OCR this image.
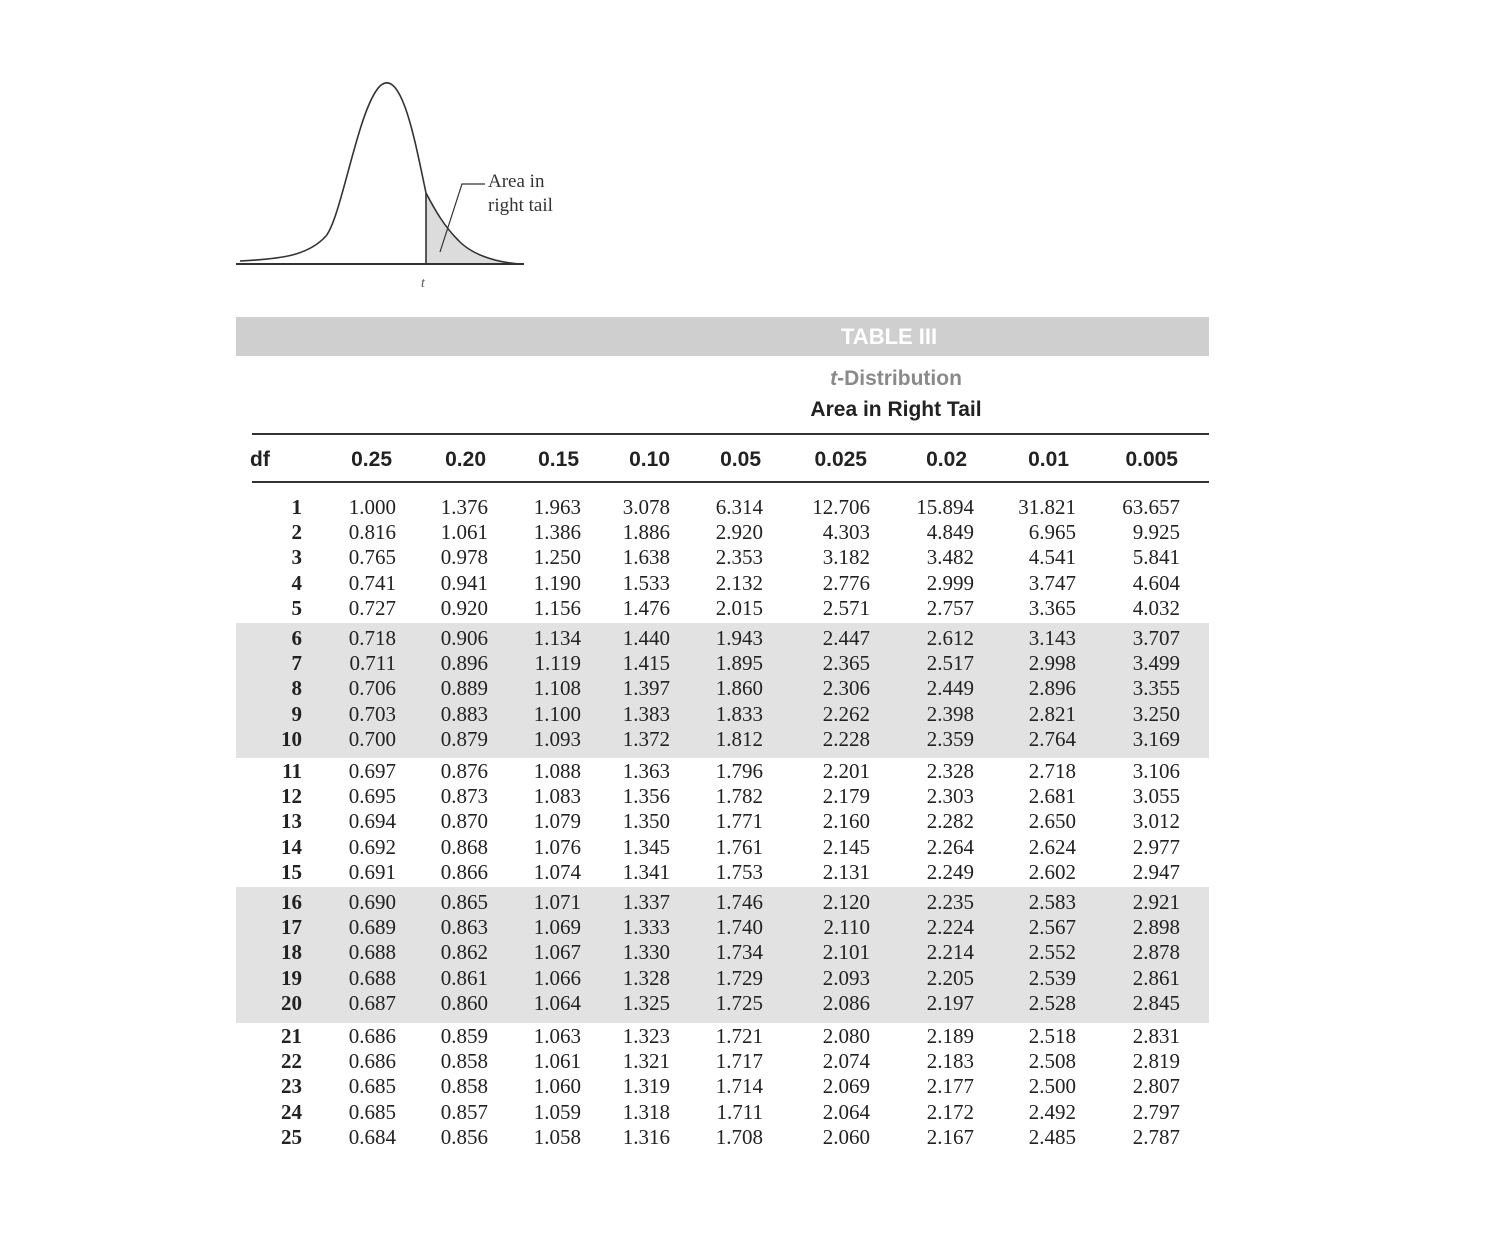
Area in
right tail
t
TABLE III
t-Distribution
Area in Right Tail
df	0.25	0.20 0.15 0.10 0.05	0.025	0.02	0.01	0.005
1 1.000 1.376 1.963 3.078 6.314 12.706 15.894 31.821 63.657
2 0.816 1.061 1.386 1.886 2.920	4.303	4.849	6.965	9.925
3 0.765 0.978 1.250 1.638 2.353	3.182	3.482	4.541	5.841
4 0.741 0.941 1.190 1.533 2.132	2.776	2.999	3.747	4.604
5 0.727 0.920 1.156 1.476 2.015	2.571	2.757	3.365	4.032
6 0.718 0.906 1.134 1.440 1.943	2.447	2.612	3.143	3.707
7 0.711 0.896 1.119 1.415 1.895	2.365	2.517	2.998	3.499
8 0.706 0.889 1.108 1.397 1.860	2.306	2.449	2.896	3.355
9 0.703 0.883 1.100 1.383 1.833	2.262	2.398	2.821	3.250
10 0.700 0.879 1.093 1.372 1.812	2.228	2.359	2.764	3.169
11 0.697 0.876 1.088 1.363 1.796	2.201	2.328	2.718	3.106
12 0.695 0.873 1.083 1.356 1.782	2.179	2.303	2.681	3.055
13 0.694 0.870 1.079 1.350 1.771	2.160	2.282	2.650	3.012
14 0.692 0.868 1.076 1.345 1.761	2.145	2.264	2.624	2.977
15 0.691 0.866 1.074 1.341 1.753	2.131	2.249	2.602	2.947
16 0.690 0.865 1.071 1.337 1.746	2.120	2.235	2.583	2.921
17 0.689 0.863 1.069 1.333 1.740	2.110	2.224	2.567	2.898
18 0.688 0.862 1.067 1.330 1.734	2.101	2.214	2.552	2.878
19 0.688 0.861 1.066 1.328 1.729	2.093	2.205	2.539	2.861
20 0.687 0.860 1.064 1.325 1.725	2.086	2.197	2.528	2.845
21 0.686 0.859 1.063 1.323 1.721	2.080	2.189	2.518	2.831
22 0.686 0.858 1.061 1.321 1.717	2.074	2.183	2.508	2.819
23 0.685 0.858 1.060 1.319 1.714	2.069	2.177	2.500	2.807
24 0.685 0.857 1.059 1.318 1.711	2.064	2.172	2.492	2.797
25 0.684 0.856 1.058 1.316 1.708	2.060	2.167	2.485	2.787
